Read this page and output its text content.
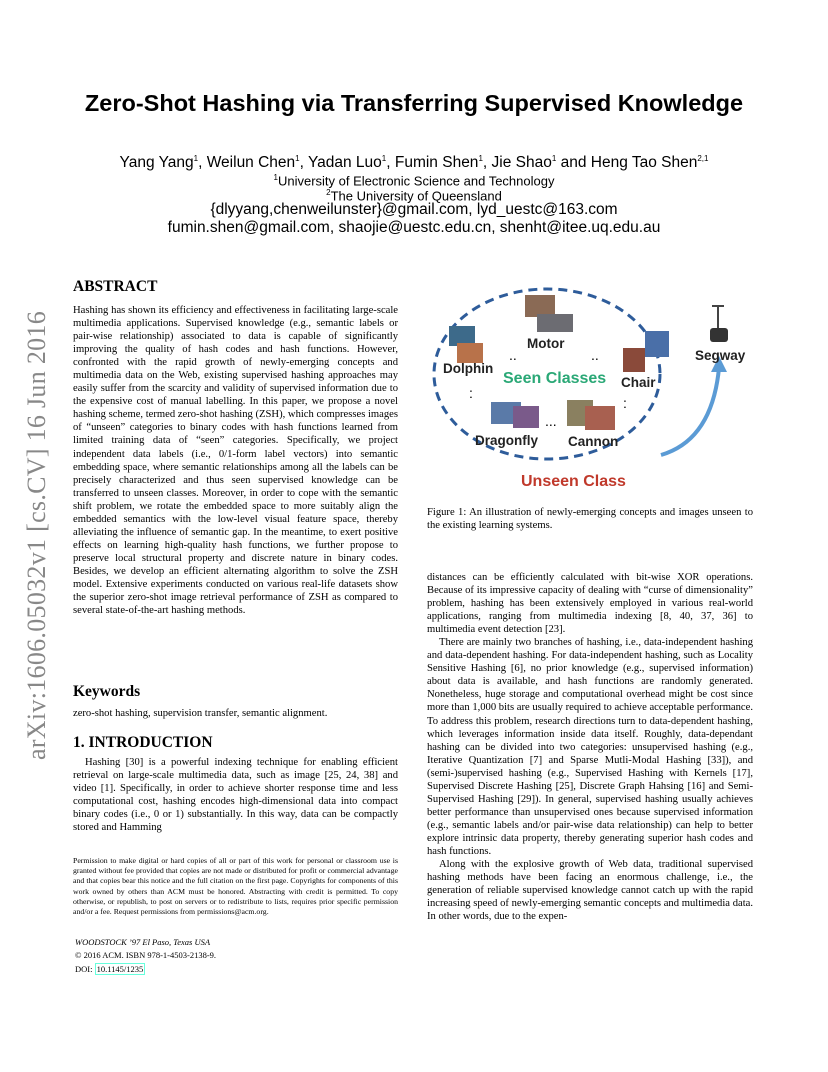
Zero-Shot Hashing via Transferring Supervised Knowledge
Yang Yang$^1$, Weilun Chen$^1$, Yadan Luo$^1$, Fumin Shen$^1$, Jie Shao$^1$ and Heng Tao Shen$^{2,1}$
$^1$University of Electronic Science and Technology
$^2$The University of Queensland
{dlyyang,chenweilunster}@gmail.com, lyd_uestc@163.com
fumin.shen@gmail.com, shaojie@uestc.edu.cn, shenht@itee.uq.edu.au
arXiv:1606.05032v1 [cs.CV] 16 Jun 2016
ABSTRACT

Hashing has shown its efficiency and effectiveness in facilitating large-scale multimedia applications. Supervised knowledge (e.g., semantic labels or pair-wise relationship) associated to data is capable of significantly improving the quality of hash codes and hash functions. However, confronted with the rapid growth of newly-emerging concepts and multimedia data on the Web, existing supervised hashing approaches may easily suffer from the scarcity and validity of supervised information due to the expensive cost of manual labelling. In this paper, we propose a novel hashing scheme, termed zero-shot hashing (ZSH), which compresses images of “unseen” categories to binary codes with hash functions learned from limited training data of “seen” categories. Specifically, we project independent data labels (i.e., 0/1-form label vectors) into semantic embedding space, where semantic relationships among all the labels can be precisely characterized and thus seen supervised knowledge can be transferred to unseen classes. Moreover, in order to cope with the semantic shift problem, we rotate the embedded space to more suitably align the embedded semantics with the low-level visual feature space, thereby alleviating the influence of semantic gap. In the meantime, to exert positive effects on learning high-quality hash functions, we further propose to preserve local structural property and discrete nature in binary codes. Besides, we develop an efficient alternating algorithm to solve the ZSH model. Extensive experiments conducted on various real-life datasets show the superior zero-shot image retrieval performance of ZSH as compared to several state-of-the-art hashing methods.

Keywords
zero-shot hashing, supervision transfer, semantic alignment.
1. INTRODUCTION

Hashing [30] is a powerful indexing technique for enabling efficient retrieval on large-scale multimedia data, such as image [25, 24, 38] and video [1]. Specifically, in order to achieve shorter response time and less computational cost, hashing encodes high-dimensional data into compact binary codes (i.e., 0 or 1) substantially. In this way, data can be compactly stored and Hamming

Permission to make digital or hard copies of all or part of this work for personal or classroom use is granted without fee provided that copies are not made or distributed for profit or commercial advantage and that copies bear this notice and the full citation on the first page. Copyrights for components of this work owned by others than ACM must be honored. Abstracting with credit is permitted. To copy otherwise, or republish, to post on servers or to redistribute to lists, requires prior specific permission and/or a fee. Request permissions from permissions@acm.org.
WOODSTOCK ’97 El Paso, Texas USA
© 2016 ACM. ISBN 978-1-4503-2138-9.
DOI: 10.1145/1235
..	..
:
...
:
Motor
Dolphin
Seen Classes Chair
Segway
Dragonfly Cannon
Unseen Class
Figure 1: An illustration of newly-emerging concepts and images unseen to the existing learning systems.

distances can be efficiently calculated with bit-wise XOR operations. Because of its impressive capacity of dealing with “curse of dimensionality” problem, hashing has been extensively employed in various real-world applications, ranging from multimedia indexing [8, 40, 37, 36] to multimedia event detection [23].

There are mainly two branches of hashing, i.e., data-independent hashing and data-dependent hashing. For data-independent hashing, such as Locality Sensitive Hashing [6], no prior knowledge (e.g., supervised information) about data is available, and hash functions are randomly generated. Nonetheless, huge storage and computational overhead might be cost since more than 1,000 bits are usually required to achieve acceptable performance. To address this problem, research directions turn to data-dependent hashing, which leverages information inside data itself. Roughly, data-dependant hashing can be divided into two categories: unsupervised hashing (e.g., Iterative Quantization [7] and Sparse Mutli-Modal Hashing [33]), and (semi-)supervised hashing (e.g., Supervised Hashing with Kernels [17], Supervised Discrete Hashing [25], Discrete Graph Hahsing [16] and Semi-Supervised Hashing [29]). In general, supervised hashing usually achieves better performance than unsupervised ones because supervised information (e.g., semantic labels and/or pair-wise data relationship) can help to better explore intrinsic data property, thereby generating superior hash codes and hash functions.

Along with the explosive growth of Web data, traditional supervised hashing methods have been facing an enormous challenge, i.e., the generation of reliable supervised knowledge cannot catch up with the rapid increasing speed of newly-emerging semantic concepts and multimedia data. In other words, due to the expen-
